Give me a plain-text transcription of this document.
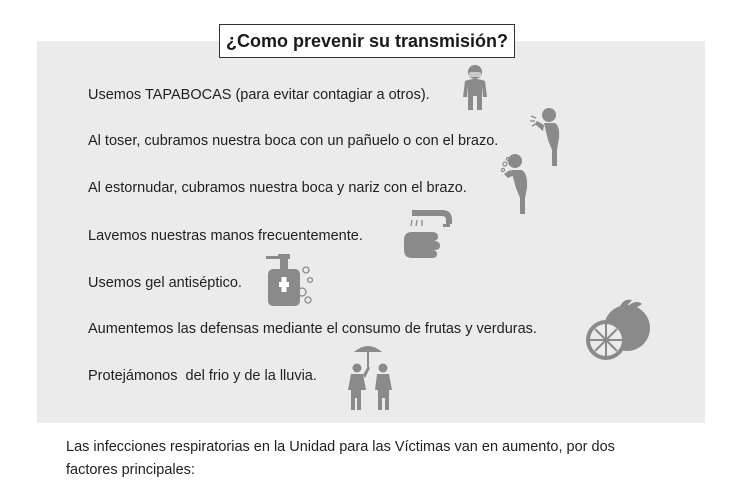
¿Como prevenir su transmisión?
Usemos TAPABOCAS (para evitar contagiar a otros).
Al toser, cubramos nuestra boca con un pañuelo o con el brazo.
Al estornudar, cubramos nuestra boca y nariz con el brazo.
Lavemos nuestras manos frecuentemente.
Usemos gel antiséptico.
Aumentemos las defensas mediante el consumo de frutas y verduras.
Protejámonos  del frio y de la lluvia.
Las infecciones respiratorias en la Unidad para las Víctimas van en aumento, por dos factores principales:
